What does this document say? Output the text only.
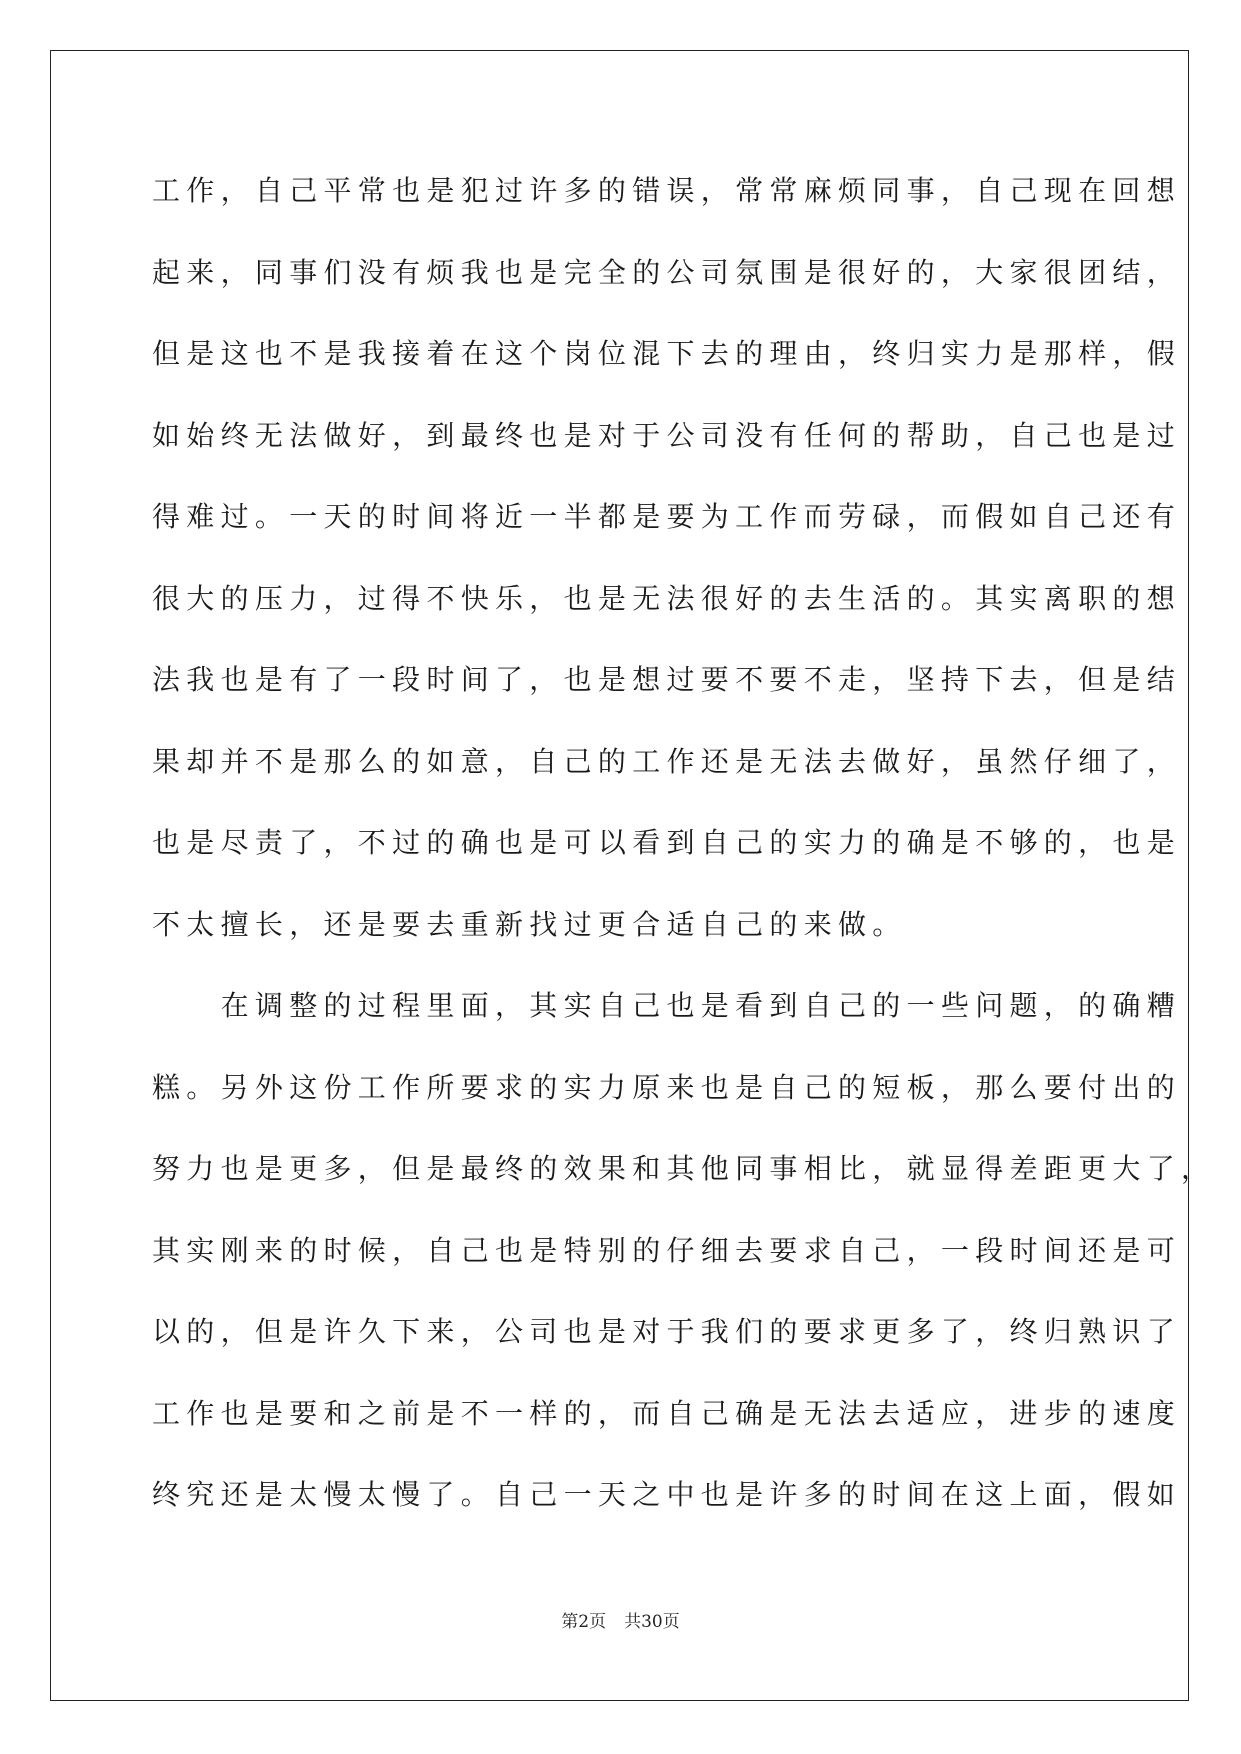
工作，自己平常也是犯过许多的错误，常常麻烦同事，自己现在回想
起来，同事们没有烦我也是完全的公司氛围是很好的，大家很团结，
但是这也不是我接着在这个岗位混下去的理由，终归实力是那样，假
如始终无法做好，到最终也是对于公司没有任何的帮助，自己也是过
得难过。一天的时间将近一半都是要为工作而劳碌，而假如自己还有
很大的压力，过得不快乐，也是无法很好的去生活的。其实离职的想
法我也是有了一段时间了，也是想过要不要不走，坚持下去，但是结
果却并不是那么的如意，自己的工作还是无法去做好，虽然仔细了，
也是尽责了，不过的确也是可以看到自己的实力的确是不够的，也是
不太擅长，还是要去重新找过更合适自己的来做。
　　在调整的过程里面，其实自己也是看到自己的一些问题，的确糟
糕。另外这份工作所要求的实力原来也是自己的短板，那么要付出的
努力也是更多，但是最终的效果和其他同事相比，就显得差距更大了，
其实刚来的时候，自己也是特别的仔细去要求自己，一段时间还是可
以的，但是许久下来，公司也是对于我们的要求更多了，终归熟识了
工作也是要和之前是不一样的，而自己确是无法去适应，进步的速度
终究还是太慢太慢了。自己一天之中也是许多的时间在这上面，假如
第2页 共30页
